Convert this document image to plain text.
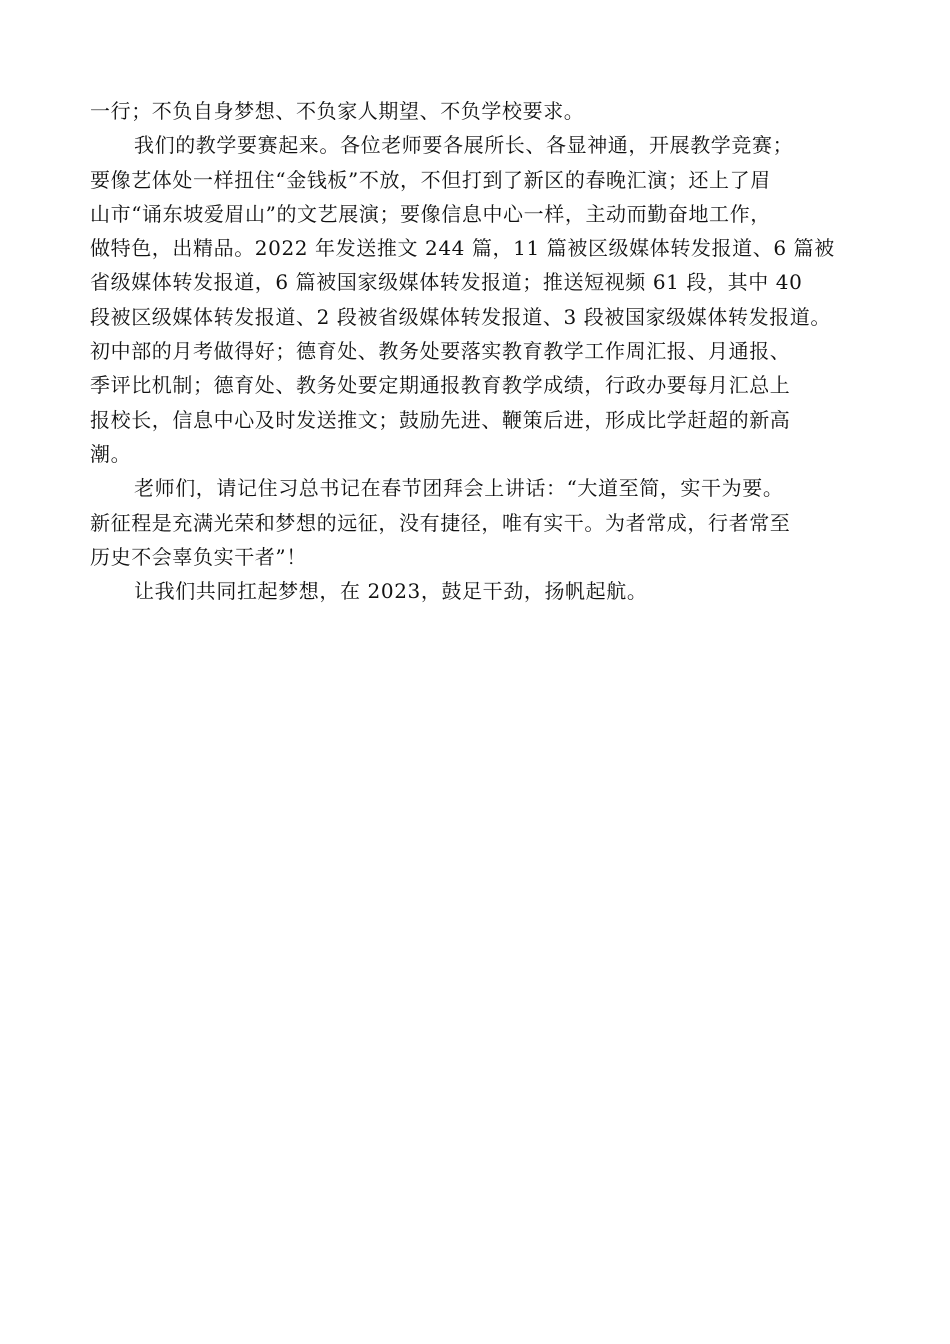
一行；不负自身梦想、不负家人期望、不负学校要求。
我们的教学要赛起来。各位老师要各展所长、各显神通，开展教学竞赛；
要像艺体处一样扭住“金钱板”不放，不但打到了新区的春晚汇演；还上了眉
山市“诵东坡爱眉山”的文艺展演；要像信息中心一样，主动而勤奋地工作，
做特色，出精品。2022 年发送推文 244 篇，11 篇被区级媒体转发报道、6 篇被
省级媒体转发报道，6 篇被国家级媒体转发报道；推送短视频 61 段，其中 40
段被区级媒体转发报道、2 段被省级媒体转发报道、3 段被国家级媒体转发报道。
初中部的月考做得好；德育处、教务处要落实教育教学工作周汇报、月通报、
季评比机制；德育处、教务处要定期通报教育教学成绩，行政办要每月汇总上
报校长，信息中心及时发送推文；鼓励先进、鞭策后进，形成比学赶超的新高
潮。
老师们，请记住习总书记在春节团拜会上讲话：“大道至简，实干为要。
新征程是充满光荣和梦想的远征，没有捷径，唯有实干。为者常成，行者常至
历史不会辜负实干者”！
让我们共同扛起梦想，在 2023，鼓足干劲，扬帆起航。
